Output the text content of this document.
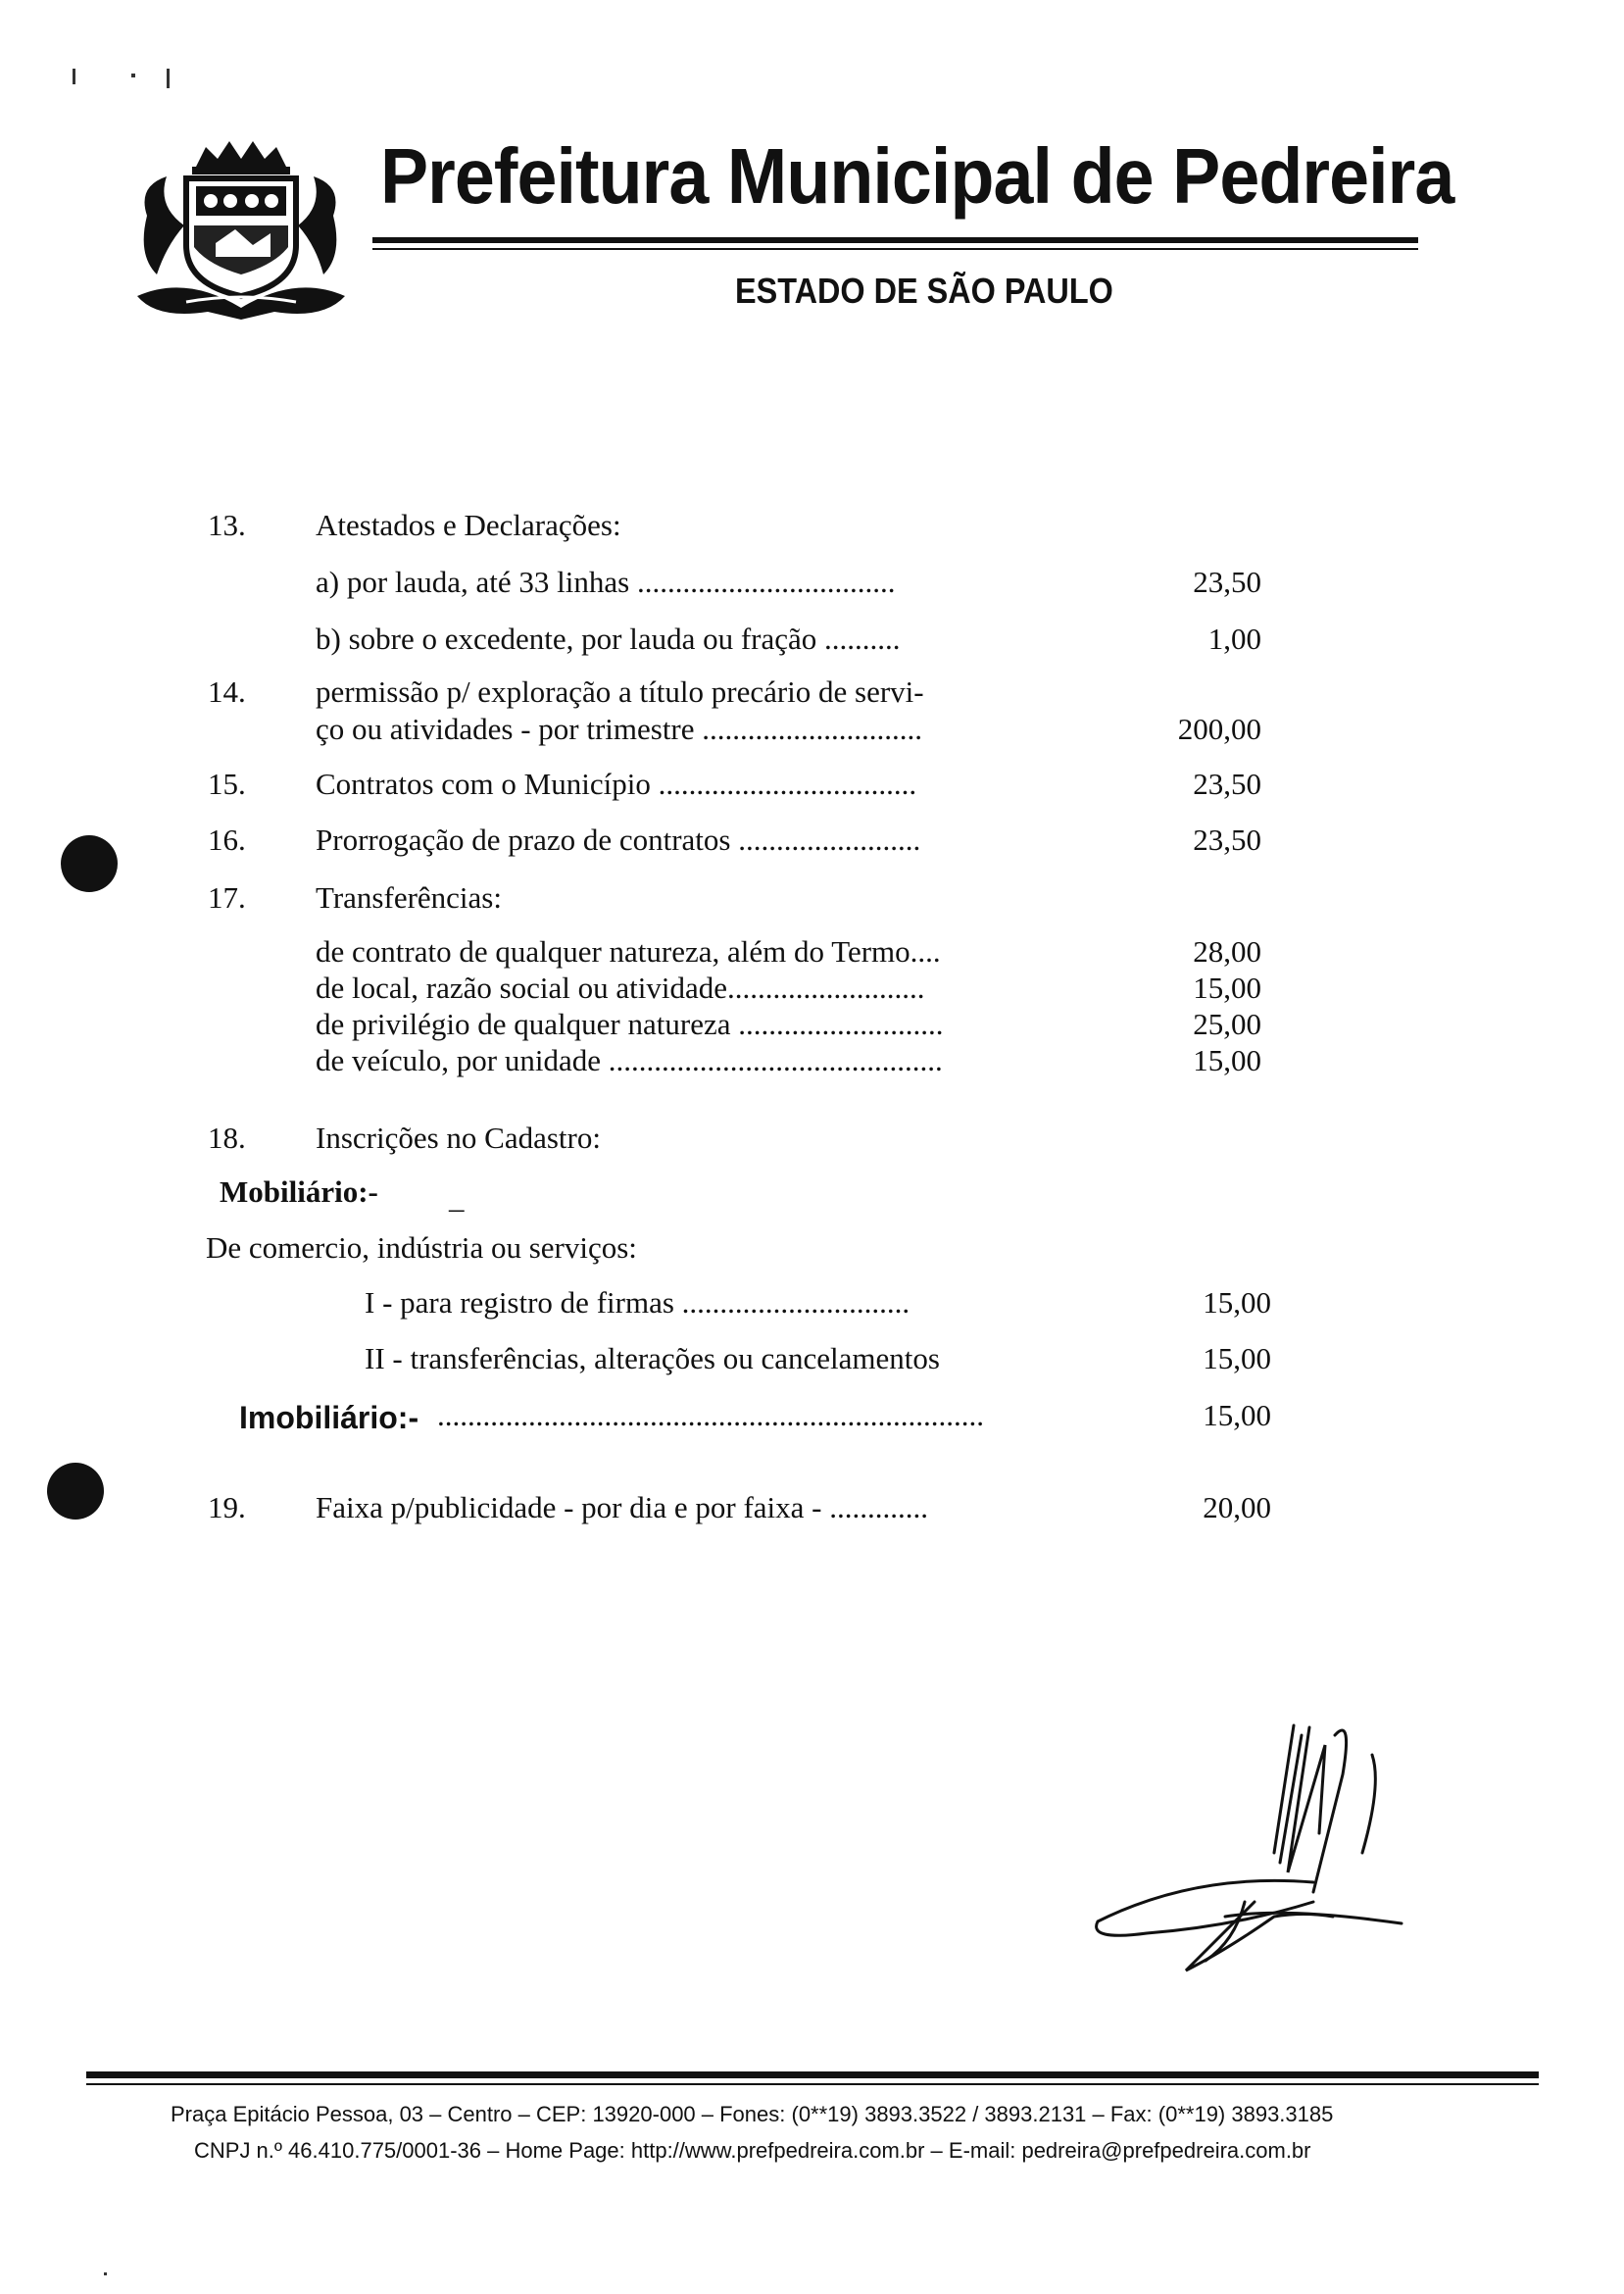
Prefeitura Municipal de Pedreira
ESTADO DE SÃO PAULO
13. Atestados e Declarações:
a) por lauda, até 33 linhas ..................................	23,50
b) sobre o excedente, por lauda ou fração ..........	1,00
14. permissão p/ exploração a título precário de servi-
ço ou atividades - por trimestre .............................	200,00
15. Contratos com o Município ..................................	23,50
16. Prorrogação de prazo de contratos ........................	23,50
17. Transferências:
de contrato de qualquer natureza, além do Termo....	28,00
de local, razão social ou atividade..........................	15,00
de privilégio de qualquer natureza ...........................	25,00
de veículo, por unidade ............................................	15,00
18. Inscrições no Cadastro:
Mobiliário:- _
De comercio, indústria ou serviços:
I - para registro de firmas ..............................	15,00
II - transferências, alterações ou cancelamentos	15,00
Imobiliário:- ........................................................................	15,00
19. Faixa p/publicidade - por dia e por faixa - .............	20,00
Praça Epitácio Pessoa, 03 – Centro – CEP: 13920-000 – Fones: (0**19) 3893.3522 / 3893.2131 – Fax: (0**19) 3893.3185
CNPJ n.º 46.410.775/0001-36 – Home Page: http://www.prefpedreira.com.br – E-mail: pedreira@prefpedreira.com.br
